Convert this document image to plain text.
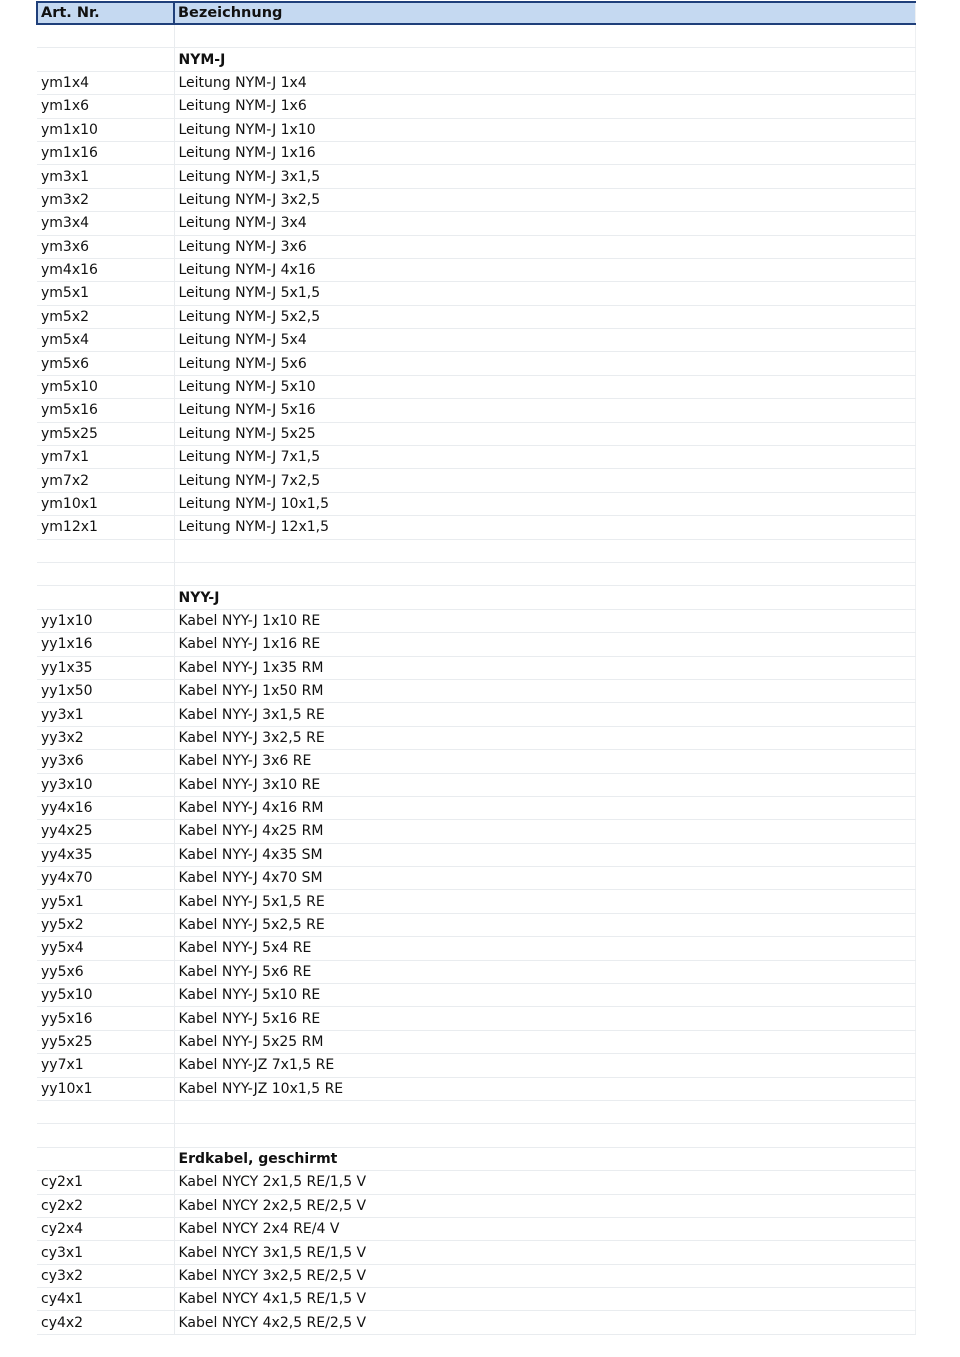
Art. Nr.	Bezeichnung

	NYM-J
ym1x4	Leitung NYM-J 1x4
ym1x6	Leitung NYM-J 1x6
ym1x10	Leitung NYM-J 1x10
ym1x16	Leitung NYM-J 1x16
ym3x1	Leitung NYM-J 3x1,5
ym3x2	Leitung NYM-J 3x2,5
ym3x4	Leitung NYM-J 3x4
ym3x6	Leitung NYM-J 3x6
ym4x16	Leitung NYM-J 4x16
ym5x1	Leitung NYM-J 5x1,5
ym5x2	Leitung NYM-J 5x2,5
ym5x4	Leitung NYM-J 5x4
ym5x6	Leitung NYM-J 5x6
ym5x10	Leitung NYM-J 5x10
ym5x16	Leitung NYM-J 5x16
ym5x25	Leitung NYM-J 5x25
ym7x1	Leitung NYM-J 7x1,5
ym7x2	Leitung NYM-J 7x2,5
ym10x1	Leitung NYM-J 10x1,5
ym12x1	Leitung NYM-J 12x1,5

	NYY-J
yy1x10	Kabel NYY-J 1x10 RE
yy1x16	Kabel NYY-J 1x16 RE
yy1x35	Kabel NYY-J 1x35 RM
yy1x50	Kabel NYY-J 1x50 RM
yy3x1	Kabel NYY-J 3x1,5 RE
yy3x2	Kabel NYY-J 3x2,5 RE
yy3x6	Kabel NYY-J 3x6 RE
yy3x10	Kabel NYY-J 3x10 RE
yy4x16	Kabel NYY-J 4x16 RM
yy4x25	Kabel NYY-J 4x25 RM
yy4x35	Kabel NYY-J 4x35 SM
yy4x70	Kabel NYY-J 4x70 SM
yy5x1	Kabel NYY-J 5x1,5 RE
yy5x2	Kabel NYY-J 5x2,5 RE
yy5x4	Kabel NYY-J 5x4 RE
yy5x6	Kabel NYY-J 5x6 RE
yy5x10	Kabel NYY-J 5x10 RE
yy5x16	Kabel NYY-J 5x16 RE
yy5x25	Kabel NYY-J 5x25 RM
yy7x1	Kabel NYY-JZ 7x1,5 RE
yy10x1	Kabel NYY-JZ 10x1,5 RE

	Erdkabel, geschirmt
cy2x1	Kabel NYCY 2x1,5 RE/1,5 V
cy2x2	Kabel NYCY 2x2,5 RE/2,5 V
cy2x4	Kabel NYCY 2x4 RE/4 V
cy3x1	Kabel NYCY 3x1,5 RE/1,5 V
cy3x2	Kabel NYCY 3x2,5 RE/2,5 V
cy4x1	Kabel NYCY 4x1,5 RE/1,5 V
cy4x2	Kabel NYCY 4x2,5 RE/2,5 V
